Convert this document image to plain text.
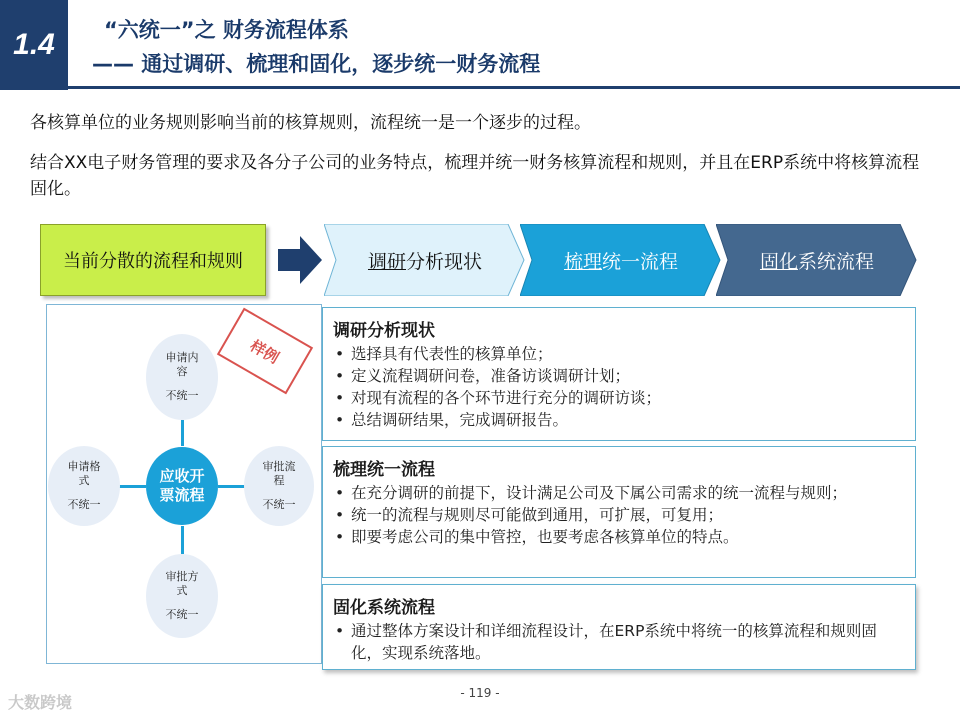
1.4 “六统一”之 财务流程体系
—— 通过调研、梳理和固化，逐步统一财务流程
各核算单位的业务规则影响当前的核算规则，流程统一是一个逐步的过程。
结合XX电子财务管理的要求及各分子公司的业务特点，梳理并统一财务核算流程和规则，并且在ERP系统中将核算流程固化。
当前分散的流程和规则	调研 分析现状	梳理 统一流程	固化 系统流程
申请内容
不统一
申请格式
不统一
审批流程
不统一
审批方式
不统一
应收开票流程
样例
调研分析现状
• 选择具有代表性的核算单位；
• 定义流程调研问卷，准备访谈调研计划；
• 对现有流程的各个环节进行充分的调研访谈；
• 总结调研结果，完成调研报告。
梳理统一流程
• 在充分调研的前提下，设计满足公司及下属公司需求的统一流程与规则；
• 统一的流程与规则尽可能做到通用，可扩展，可复用；
• 即要考虑公司的集中管控，也要考虑各核算单位的特点。
固化系统流程
• 通过整体方案设计和详细流程设计，在ERP系统中将统一的核算流程和规则固化，实现系统落地。
- 119 -
大数跨境
